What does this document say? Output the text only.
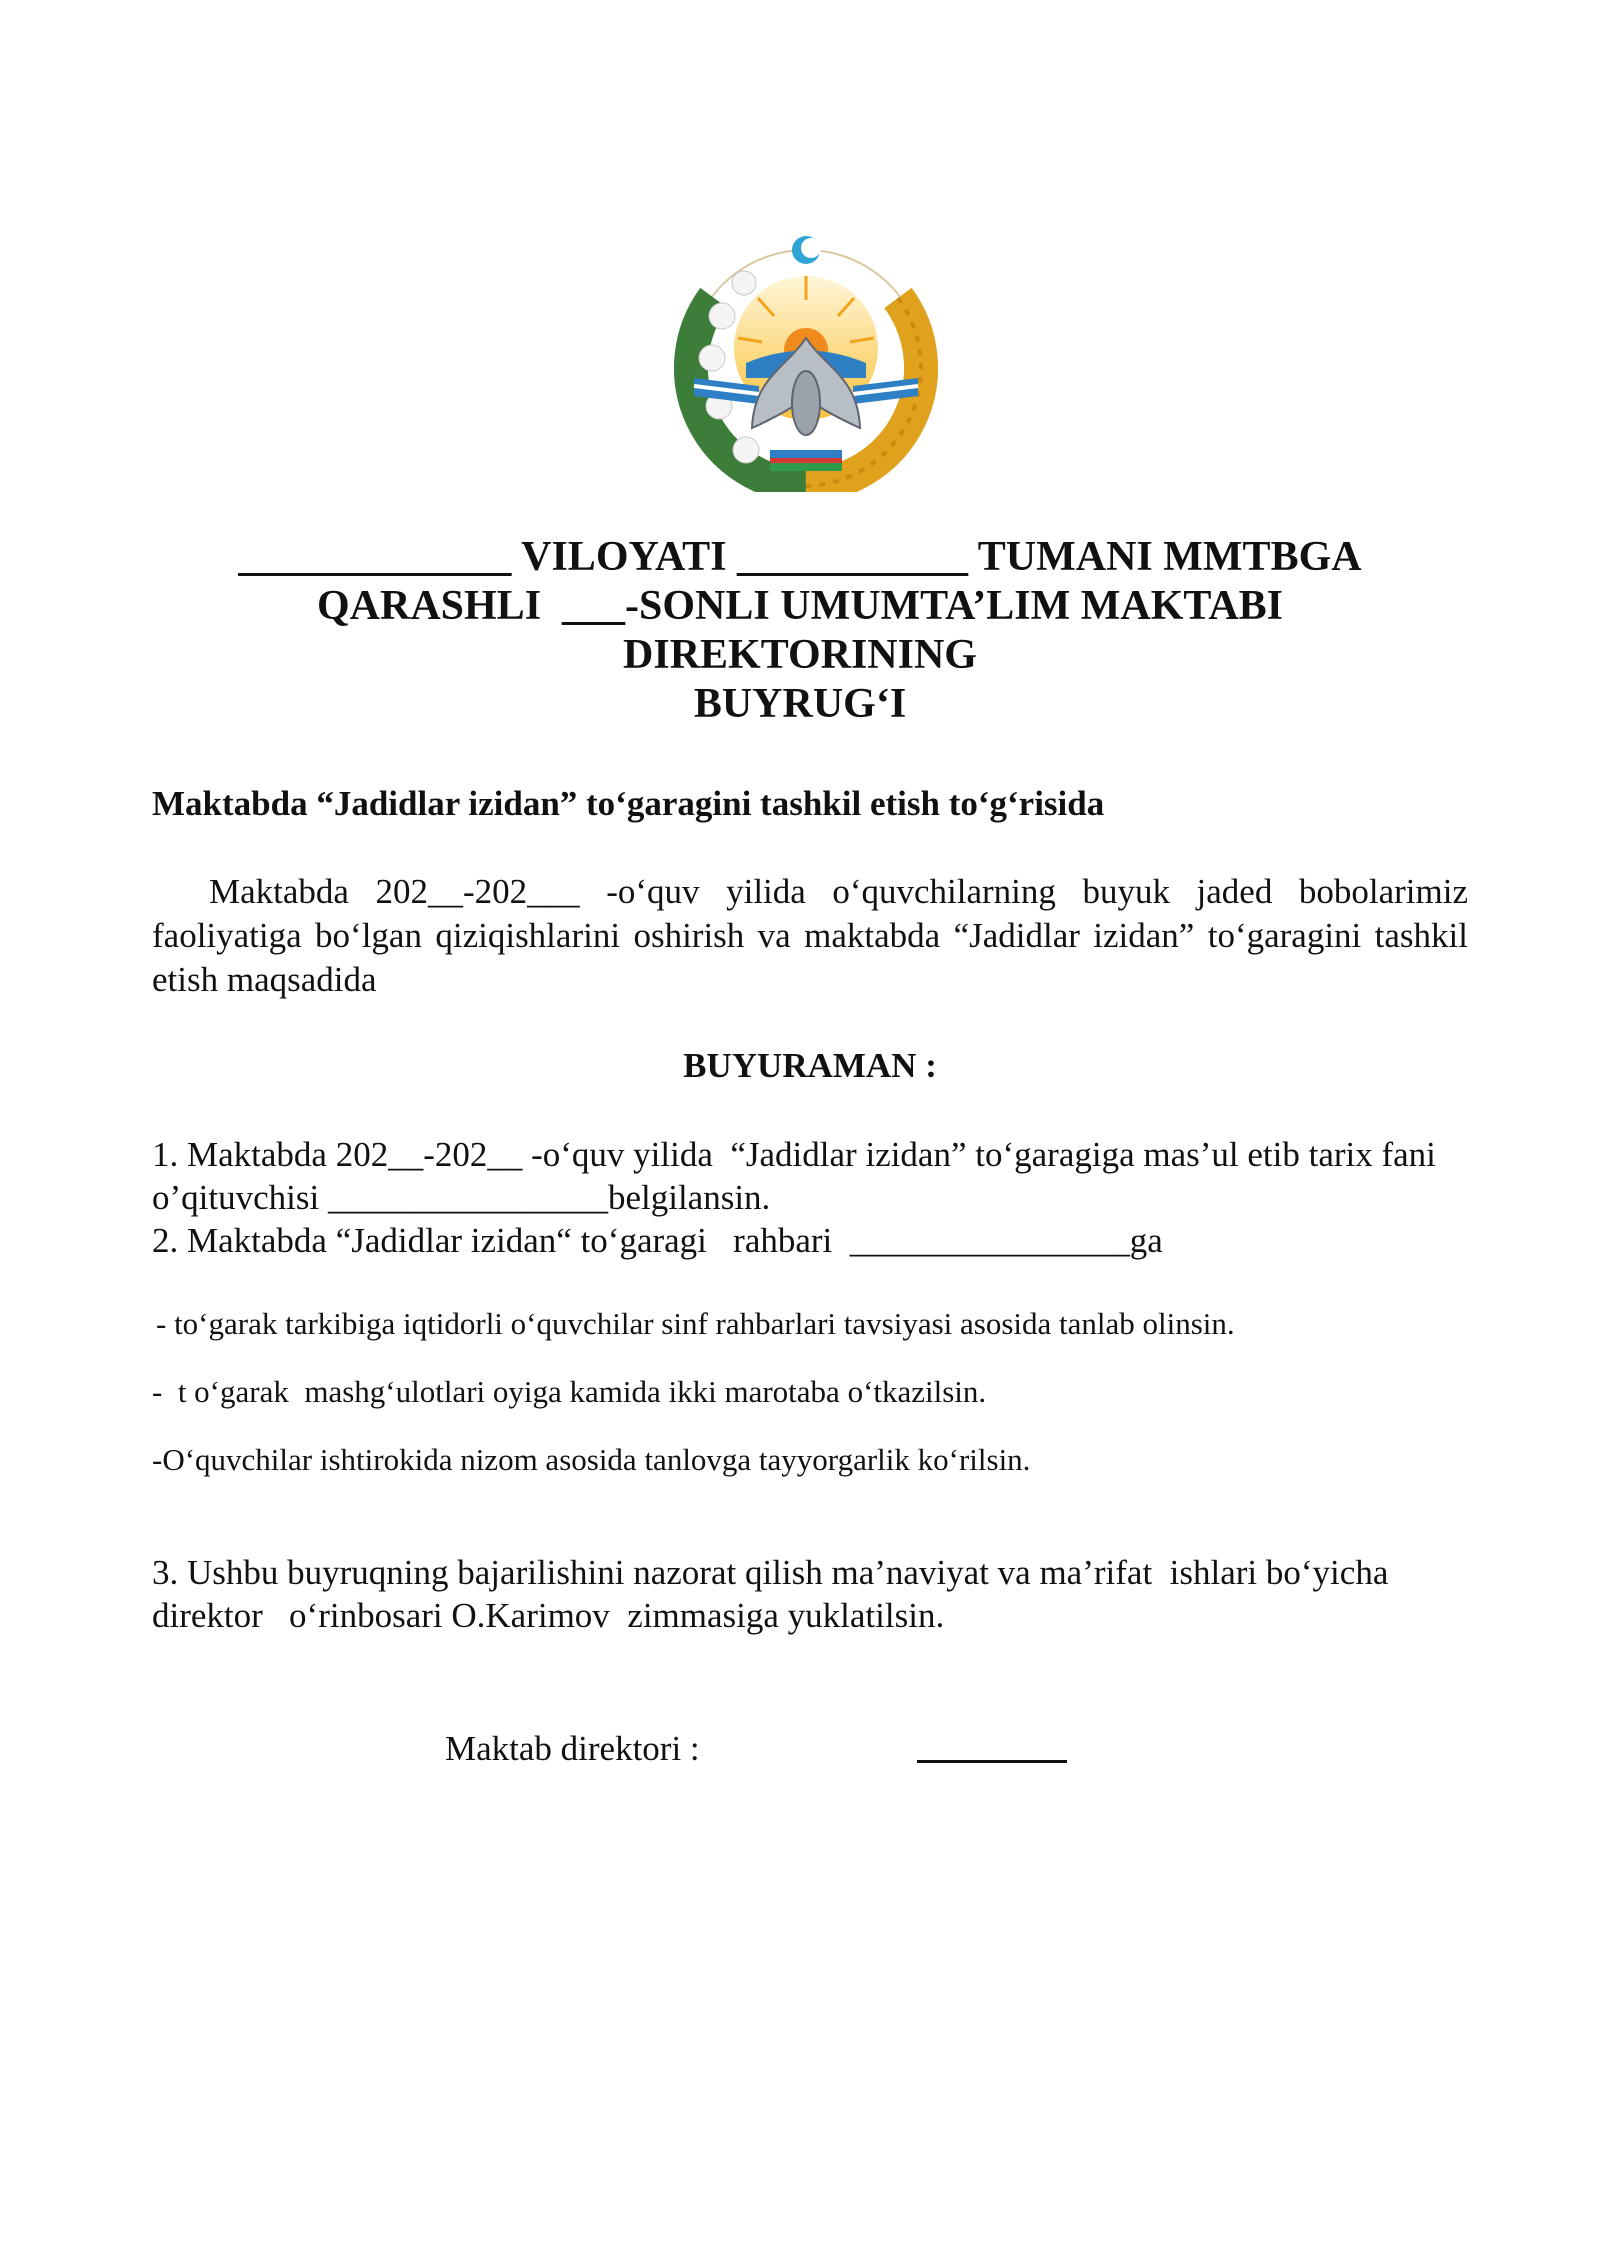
_____________ VILOYATI ___________ TUMANI MMTBGA
QARASHLI  ___-SONLI UMUMTA’LIM MAKTABI
DIREKTORINING
BUYRUG‘I
Maktabda “Jadidlar izidan” to‘garagini tashkil etish to‘g‘risida
Maktabda 202__-202___ -o‘quv yilida o‘quvchilarning buyuk jaded bobolarimiz faoliyatiga bo‘lgan qiziqishlarini oshirish va maktabda “Jadidlar izidan” to‘garagini tashkil etish maqsadida
BUYURAMAN :
1. Maktabda 202__-202__ -o‘quv yilida  “Jadidlar izidan” to‘garagiga mas’ul etib tarix fani o’qituvchisi ________________belgilansin.
2. Maktabda “Jadidlar izidan“ to‘garagi   rahbari  ________________ga
- to‘garak tarkibiga iqtidorli o‘quvchilar sinf rahbarlari tavsiyasi asosida tanlab olinsin.
-  t o‘garak  mashg‘ulotlari oyiga kamida ikki marotaba o‘tkazilsin.
-O‘quvchilar ishtirokida nizom asosida tanlovga tayyorgarlik ko‘rilsin.
3. Ushbu buyruqning bajarilishini nazorat qilish ma’naviyat va ma’rifat  ishlari bo‘yicha direktor   o‘rinbosari O.Karimov  zimmasiga yuklatilsin.
Maktab direktori :
